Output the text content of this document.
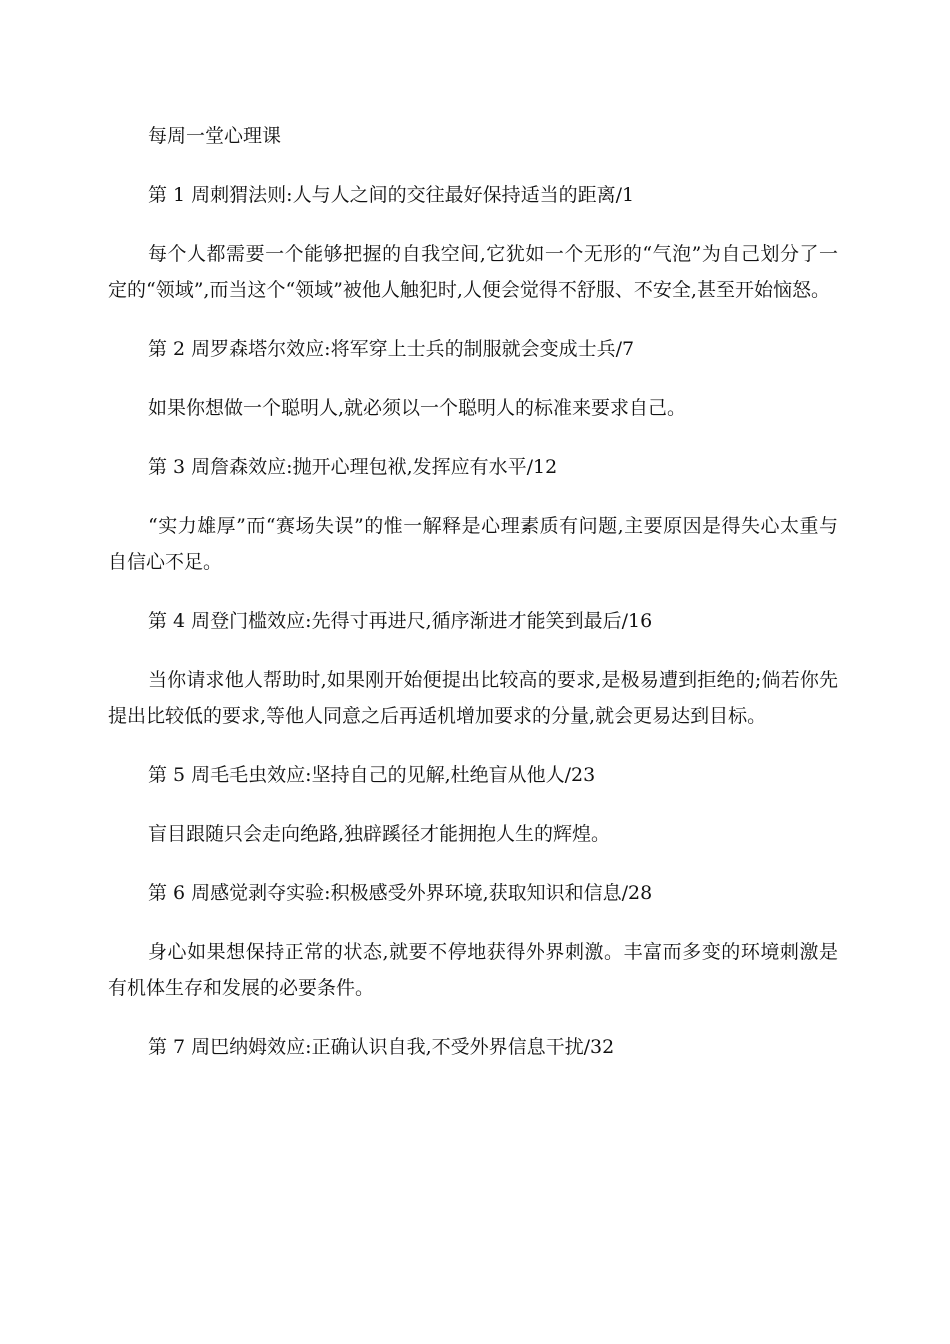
每周一堂心理课

第 1 周刺猬法则:人与人之间的交往最好保持适当的距离/1

每个人都需要一个能够把握的自我空间,它犹如一个无形的“气泡”为自己划分了一定的“领域”,而当这个“领域”被他人触犯时,人便会觉得不舒服、不安全,甚至开始恼怒。

第 2 周罗森塔尔效应:将军穿上士兵的制服就会变成士兵/7

如果你想做一个聪明人,就必须以一个聪明人的标准来要求自己。

第 3 周詹森效应:抛开心理包袱,发挥应有水平/12

“实力雄厚”而“赛场失误”的惟一解释是心理素质有问题,主要原因是得失心太重与自信心不足。

第 4 周登门槛效应:先得寸再进尺,循序渐进才能笑到最后/16

当你请求他人帮助时,如果刚开始便提出比较高的要求,是极易遭到拒绝的;倘若你先提出比较低的要求,等他人同意之后再适机增加要求的分量,就会更易达到目标。

第 5 周毛毛虫效应:坚持自己的见解,杜绝盲从他人/23

盲目跟随只会走向绝路,独辟蹊径才能拥抱人生的辉煌。

第 6 周感觉剥夺实验:积极感受外界环境,获取知识和信息/28

身心如果想保持正常的状态,就要不停地获得外界刺激。丰富而多变的环境刺激是有机体生存和发展的必要条件。

第 7 周巴纳姆效应:正确认识自我,不受外界信息干扰/32
